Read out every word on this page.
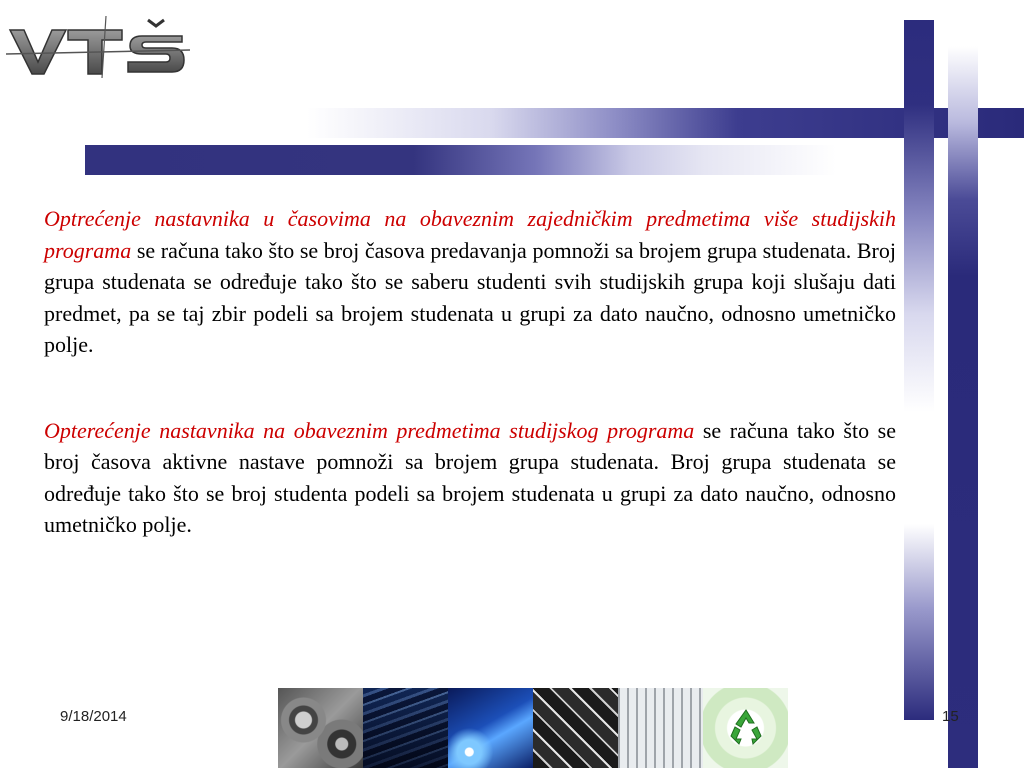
Optrećenje nastavnika u časovima na obaveznim zajedničkim predmetima više studijskih programa se računa tako što se broj časova predavanja pomnoži sa brojem grupa studenata. Broj grupa studenata se određuje tako što se saberu studenti svih studijskih grupa koji slušaju dati predmet, pa se taj zbir podeli sa brojem studenata u grupi za dato naučno, odnosno umetničko polje.

Opterećenje nastavnika na obaveznim predmetima studijskog programa se računa tako što se broj časova aktivne nastave pomnoži sa brojem grupa studenata. Broj grupa studenata se određuje tako što se broj studenta podeli sa brojem studenata u grupi za dato naučno, odnosno umetničko polje.

9/18/2014	15
